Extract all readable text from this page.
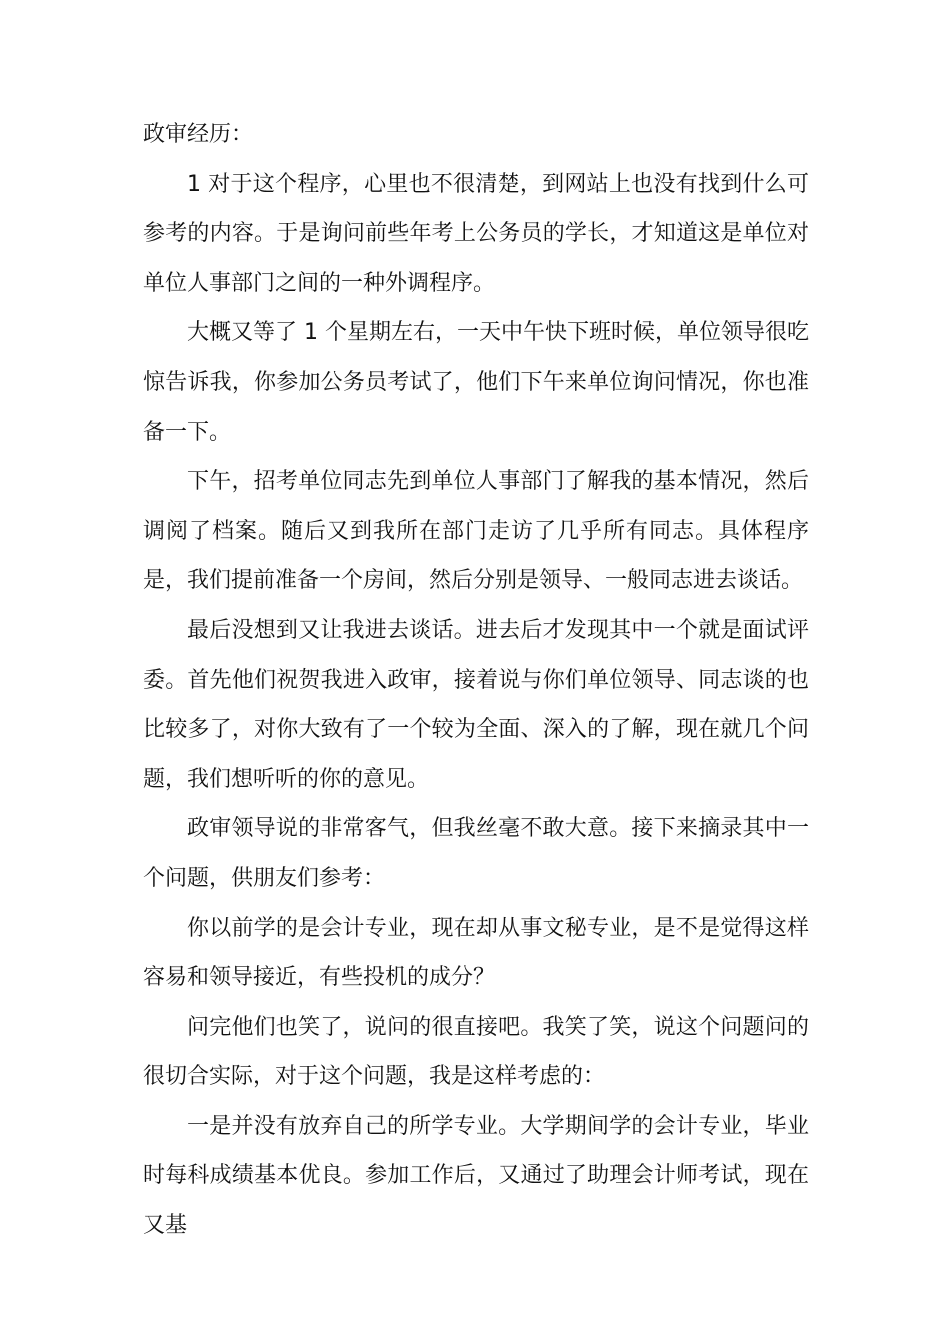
政审经历：

1 对于这个程序，心里也不很清楚，到网站上也没有找到什么可参考的内容。于是询问前些年考上公务员的学长，才知道这是单位对单位人事部门之间的一种外调程序。

大概又等了 1 个星期左右，一天中午快下班时候，单位领导很吃惊告诉我，你参加公务员考试了，他们下午来单位询问情况，你也准备一下。

下午，招考单位同志先到单位人事部门了解我的基本情况，然后调阅了档案。随后又到我所在部门走访了几乎所有同志。具体程序是，我们提前准备一个房间，然后分别是领导、一般同志进去谈话。

最后没想到又让我进去谈话。进去后才发现其中一个就是面试评委。首先他们祝贺我进入政审，接着说与你们单位领导、同志谈的也比较多了，对你大致有了一个较为全面、深入的了解，现在就几个问题，我们想听听的你的意见。

政审领导说的非常客气，但我丝毫不敢大意。接下来摘录其中一个问题，供朋友们参考：

你以前学的是会计专业，现在却从事文秘专业，是不是觉得这样容易和领导接近，有些投机的成分？

问完他们也笑了，说问的很直接吧。我笑了笑，说这个问题问的很切合实际，对于这个问题，我是这样考虑的：

一是并没有放弃自己的所学专业。大学期间学的会计专业，毕业时每科成绩基本优良。参加工作后，又通过了助理会计师考试，现在又基
